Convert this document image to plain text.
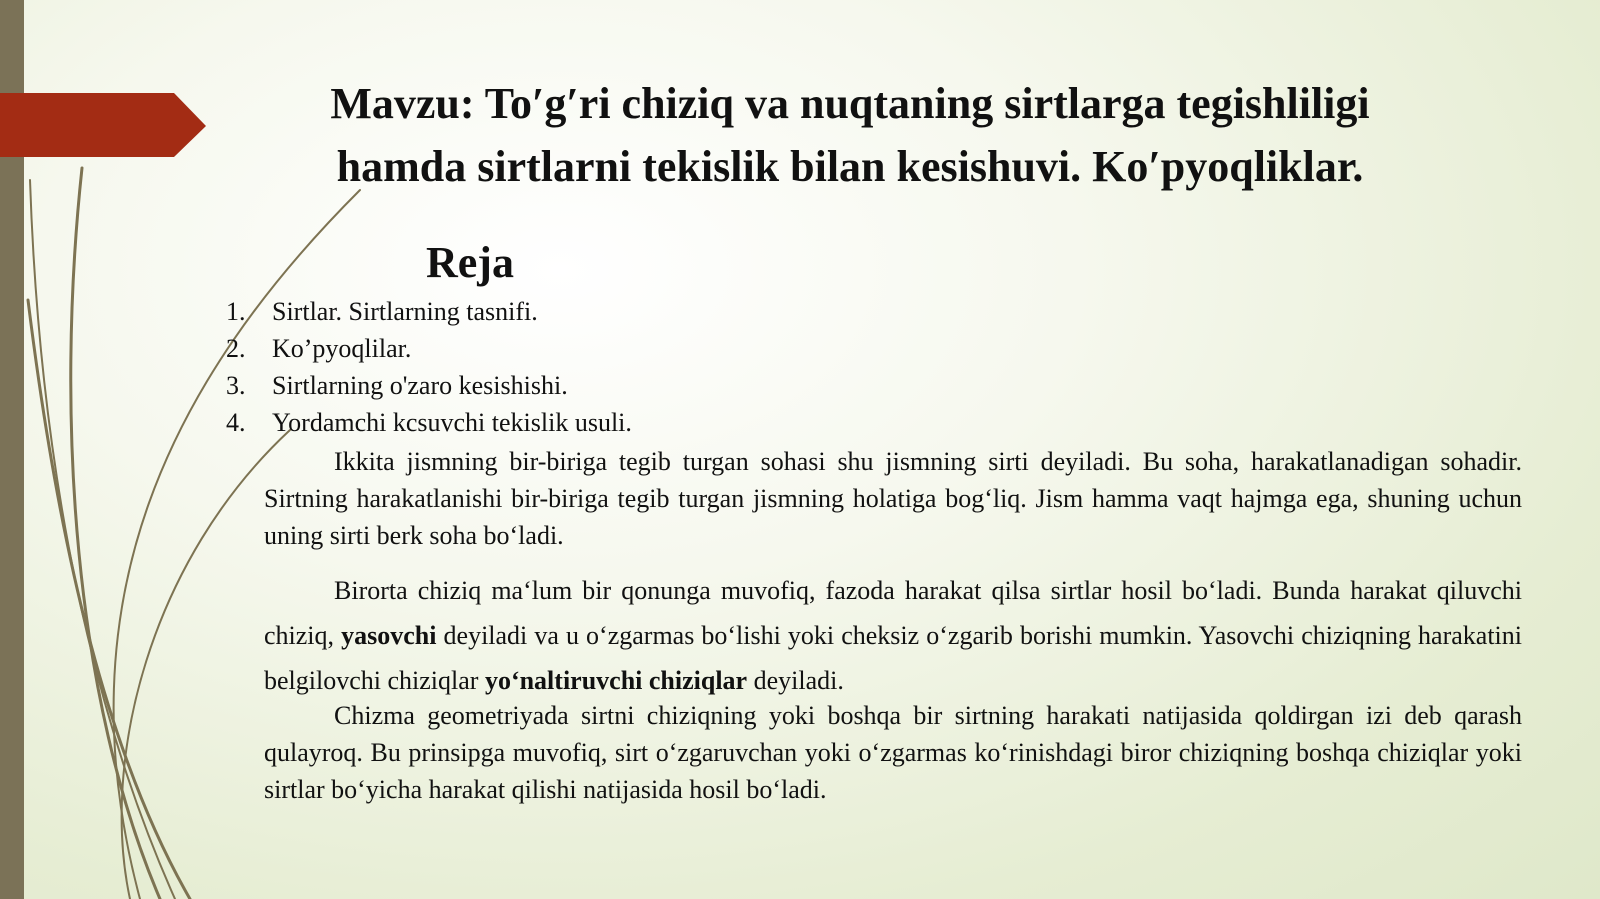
Mavzu: To′g′ri chiziq va nuqtaning sirtlarga tegishliligi
hamda sirtlarni tekislik bilan kesishuvi. Ko′pyoqliklar.
Reja
1.	Sirtlar. Sirtlarning tasnifi.
2.	Ko’pyoqlilar.
3.	Sirtlarning o'zaro kesishishi.
4.	Yordamchi kcsuvchi tekislik usuli.

Ikkita jismning bir-biriga tegib turgan sohasi shu jismning sirti deyiladi. Bu soha, harakatlanadigan sohadir. Sirtning harakatlanishi bir-biriga tegib turgan jismning holatiga bog‘liq. Jism hamma vaqt hajmga ega, shuning uchun uning sirti berk soha bo‘ladi.

Birorta chiziq ma‘lum bir qonunga muvofiq, fazoda harakat qilsa sirtlar hosil bo‘ladi. Bunda harakat qiluvchi chiziq, yasovchi deyiladi va u o‘zgarmas bo‘lishi yoki cheksiz o‘zgarib borishi mumkin. Yasovchi chiziqning harakatini belgilovchi chiziqlar yo‘naltiruvchi chiziqlar deyiladi.

Chizma geometriyada sirtni chiziqning yoki boshqa bir sirtning harakati natijasida qoldirgan izi deb qarash qulayroq. Bu prinsipga muvofiq, sirt o‘zgaruvchan yoki o‘zgarmas ko‘rinishdagi biror chiziqning boshqa chiziqlar yoki sirtlar bo‘yicha harakat qilishi natijasida hosil bo‘ladi.
